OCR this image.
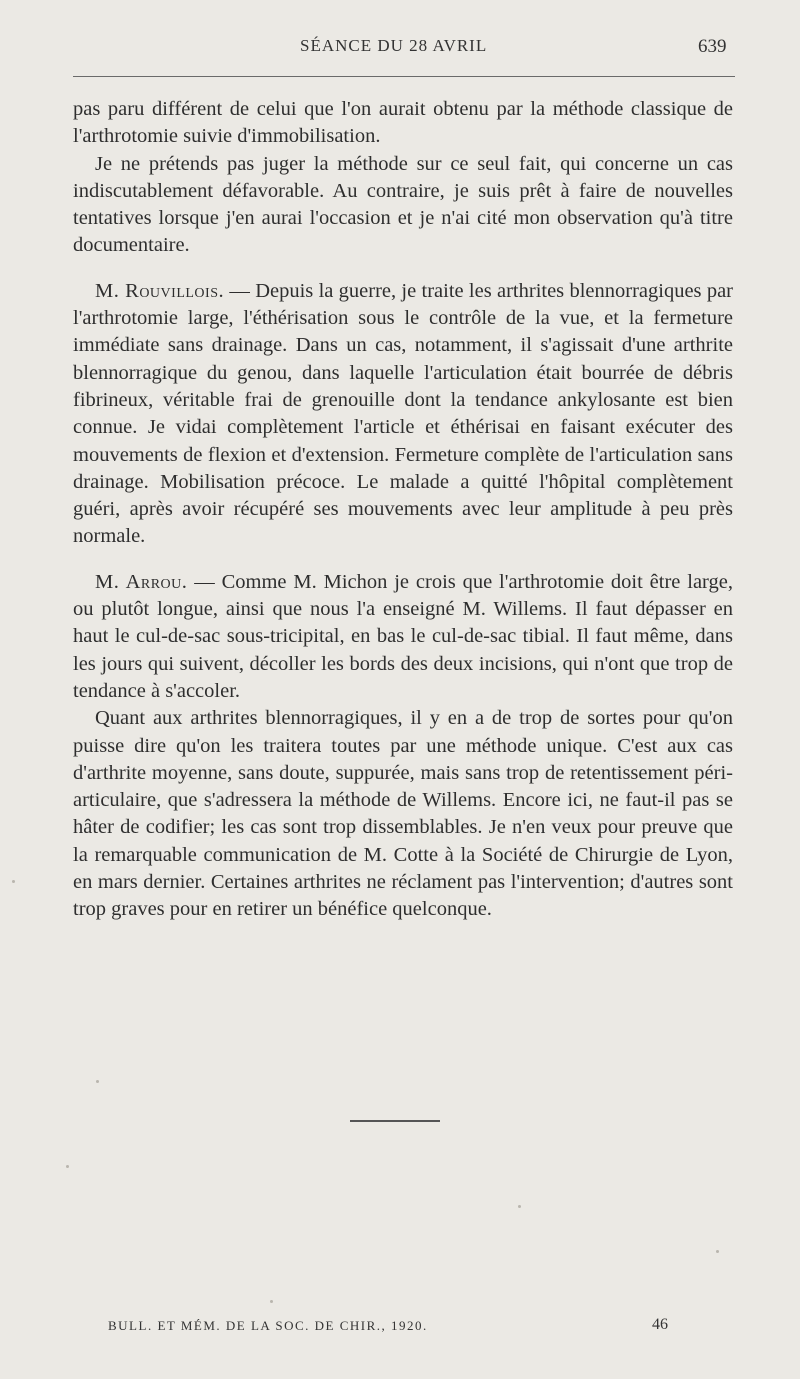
SÉANCE DU 28 AVRIL	639

pas paru différent de celui que l'on aurait obtenu par la méthode classique de l'arthrotomie suivie d'immobilisation.

Je ne prétends pas juger la méthode sur ce seul fait, qui concerne un cas indiscutablement défavorable. Au contraire, je suis prêt à faire de nouvelles tentatives lorsque j'en aurai l'occasion et je n'ai cité mon observation qu'à titre documentaire.

M. Rouvillois. — Depuis la guerre, je traite les arthrites blennorragiques par l'arthrotomie large, l'éthérisation sous le contrôle de la vue, et la fermeture immédiate sans drainage. Dans un cas, notamment, il s'agissait d'une arthrite blennorragique du genou, dans laquelle l'articulation était bourrée de débris fibrineux, véritable frai de grenouille dont la tendance ankylosante est bien connue. Je vidai complètement l'article et éthérisai en faisant exécuter des mouvements de flexion et d'extension. Fermeture complète de l'articulation sans drainage. Mobilisation précoce. Le malade a quitté l'hôpital complètement guéri, après avoir récupéré ses mouvements avec leur amplitude à peu près normale.

M. Arrou. — Comme M. Michon je crois que l'arthrotomie doit être large, ou plutôt longue, ainsi que nous l'a enseigné M. Willems. Il faut dépasser en haut le cul-de-sac sous-tricipital, en bas le cul-de-sac tibial. Il faut même, dans les jours qui suivent, décoller les bords des deux incisions, qui n'ont que trop de tendance à s'accoler.

Quant aux arthrites blennorragiques, il y en a de trop de sortes pour qu'on puisse dire qu'on les traitera toutes par une méthode unique. C'est aux cas d'arthrite moyenne, sans doute, suppurée, mais sans trop de retentissement péri-articulaire, que s'adressera la méthode de Willems. Encore ici, ne faut-il pas se hâter de codifier; les cas sont trop dissemblables. Je n'en veux pour preuve que la remarquable communication de M. Cotte à la Société de Chirurgie de Lyon, en mars dernier. Certaines arthrites ne réclament pas l'intervention; d'autres sont trop graves pour en retirer un bénéfice quelconque.

BULL. ET MÉM. DE LA SOC. DE CHIR., 1920.	46
